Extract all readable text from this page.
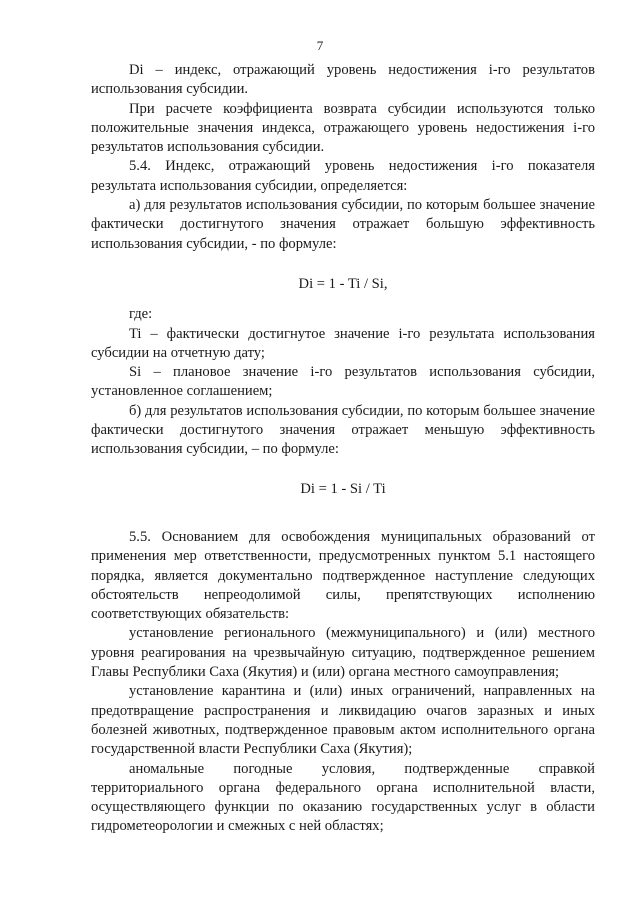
7

Di – индекс, отражающий уровень недостижения i-го результатов использования субсидии.

При расчете коэффициента возврата субсидии используются только положительные значения индекса, отражающего уровень недостижения i-го результатов использования субсидии.

5.4. Индекс, отражающий уровень недостижения i-го показателя результата использования субсидии, определяется:

а) для результатов использования субсидии, по которым большее значение фактически достигнутого значения отражает большую эффективность использования субсидии, - по формуле:

Di = 1 - Ti / Si,

где:

Ti – фактически достигнутое значение i-го результата использования субсидии на отчетную дату;

Si – плановое значение i-го результатов использования субсидии, установленное соглашением;

б) для результатов использования субсидии, по которым большее значение фактически достигнутого значения отражает меньшую эффективность использования субсидии, – по формуле:

Di = 1 - Si / Ti

5.5. Основанием для освобождения муниципальных образований от применения мер ответственности, предусмотренных пунктом 5.1 настоящего порядка, является документально подтвержденное наступление следующих обстоятельств непреодолимой силы, препятствующих исполнению соответствующих обязательств:

установление регионального (межмуниципального) и (или) местного уровня реагирования на чрезвычайную ситуацию, подтвержденное решением Главы Республики Саха (Якутия) и (или) органа местного самоуправления;

установление карантина и (или) иных ограничений, направленных на предотвращение распространения и ликвидацию очагов заразных и иных болезней животных, подтвержденное правовым актом исполнительного органа государственной власти Республики Саха (Якутия);

аномальные погодные условия, подтвержденные справкой территориального органа федерального органа исполнительной власти, осуществляющего функции по оказанию государственных услуг в области гидрометеорологии и смежных с ней областях;
